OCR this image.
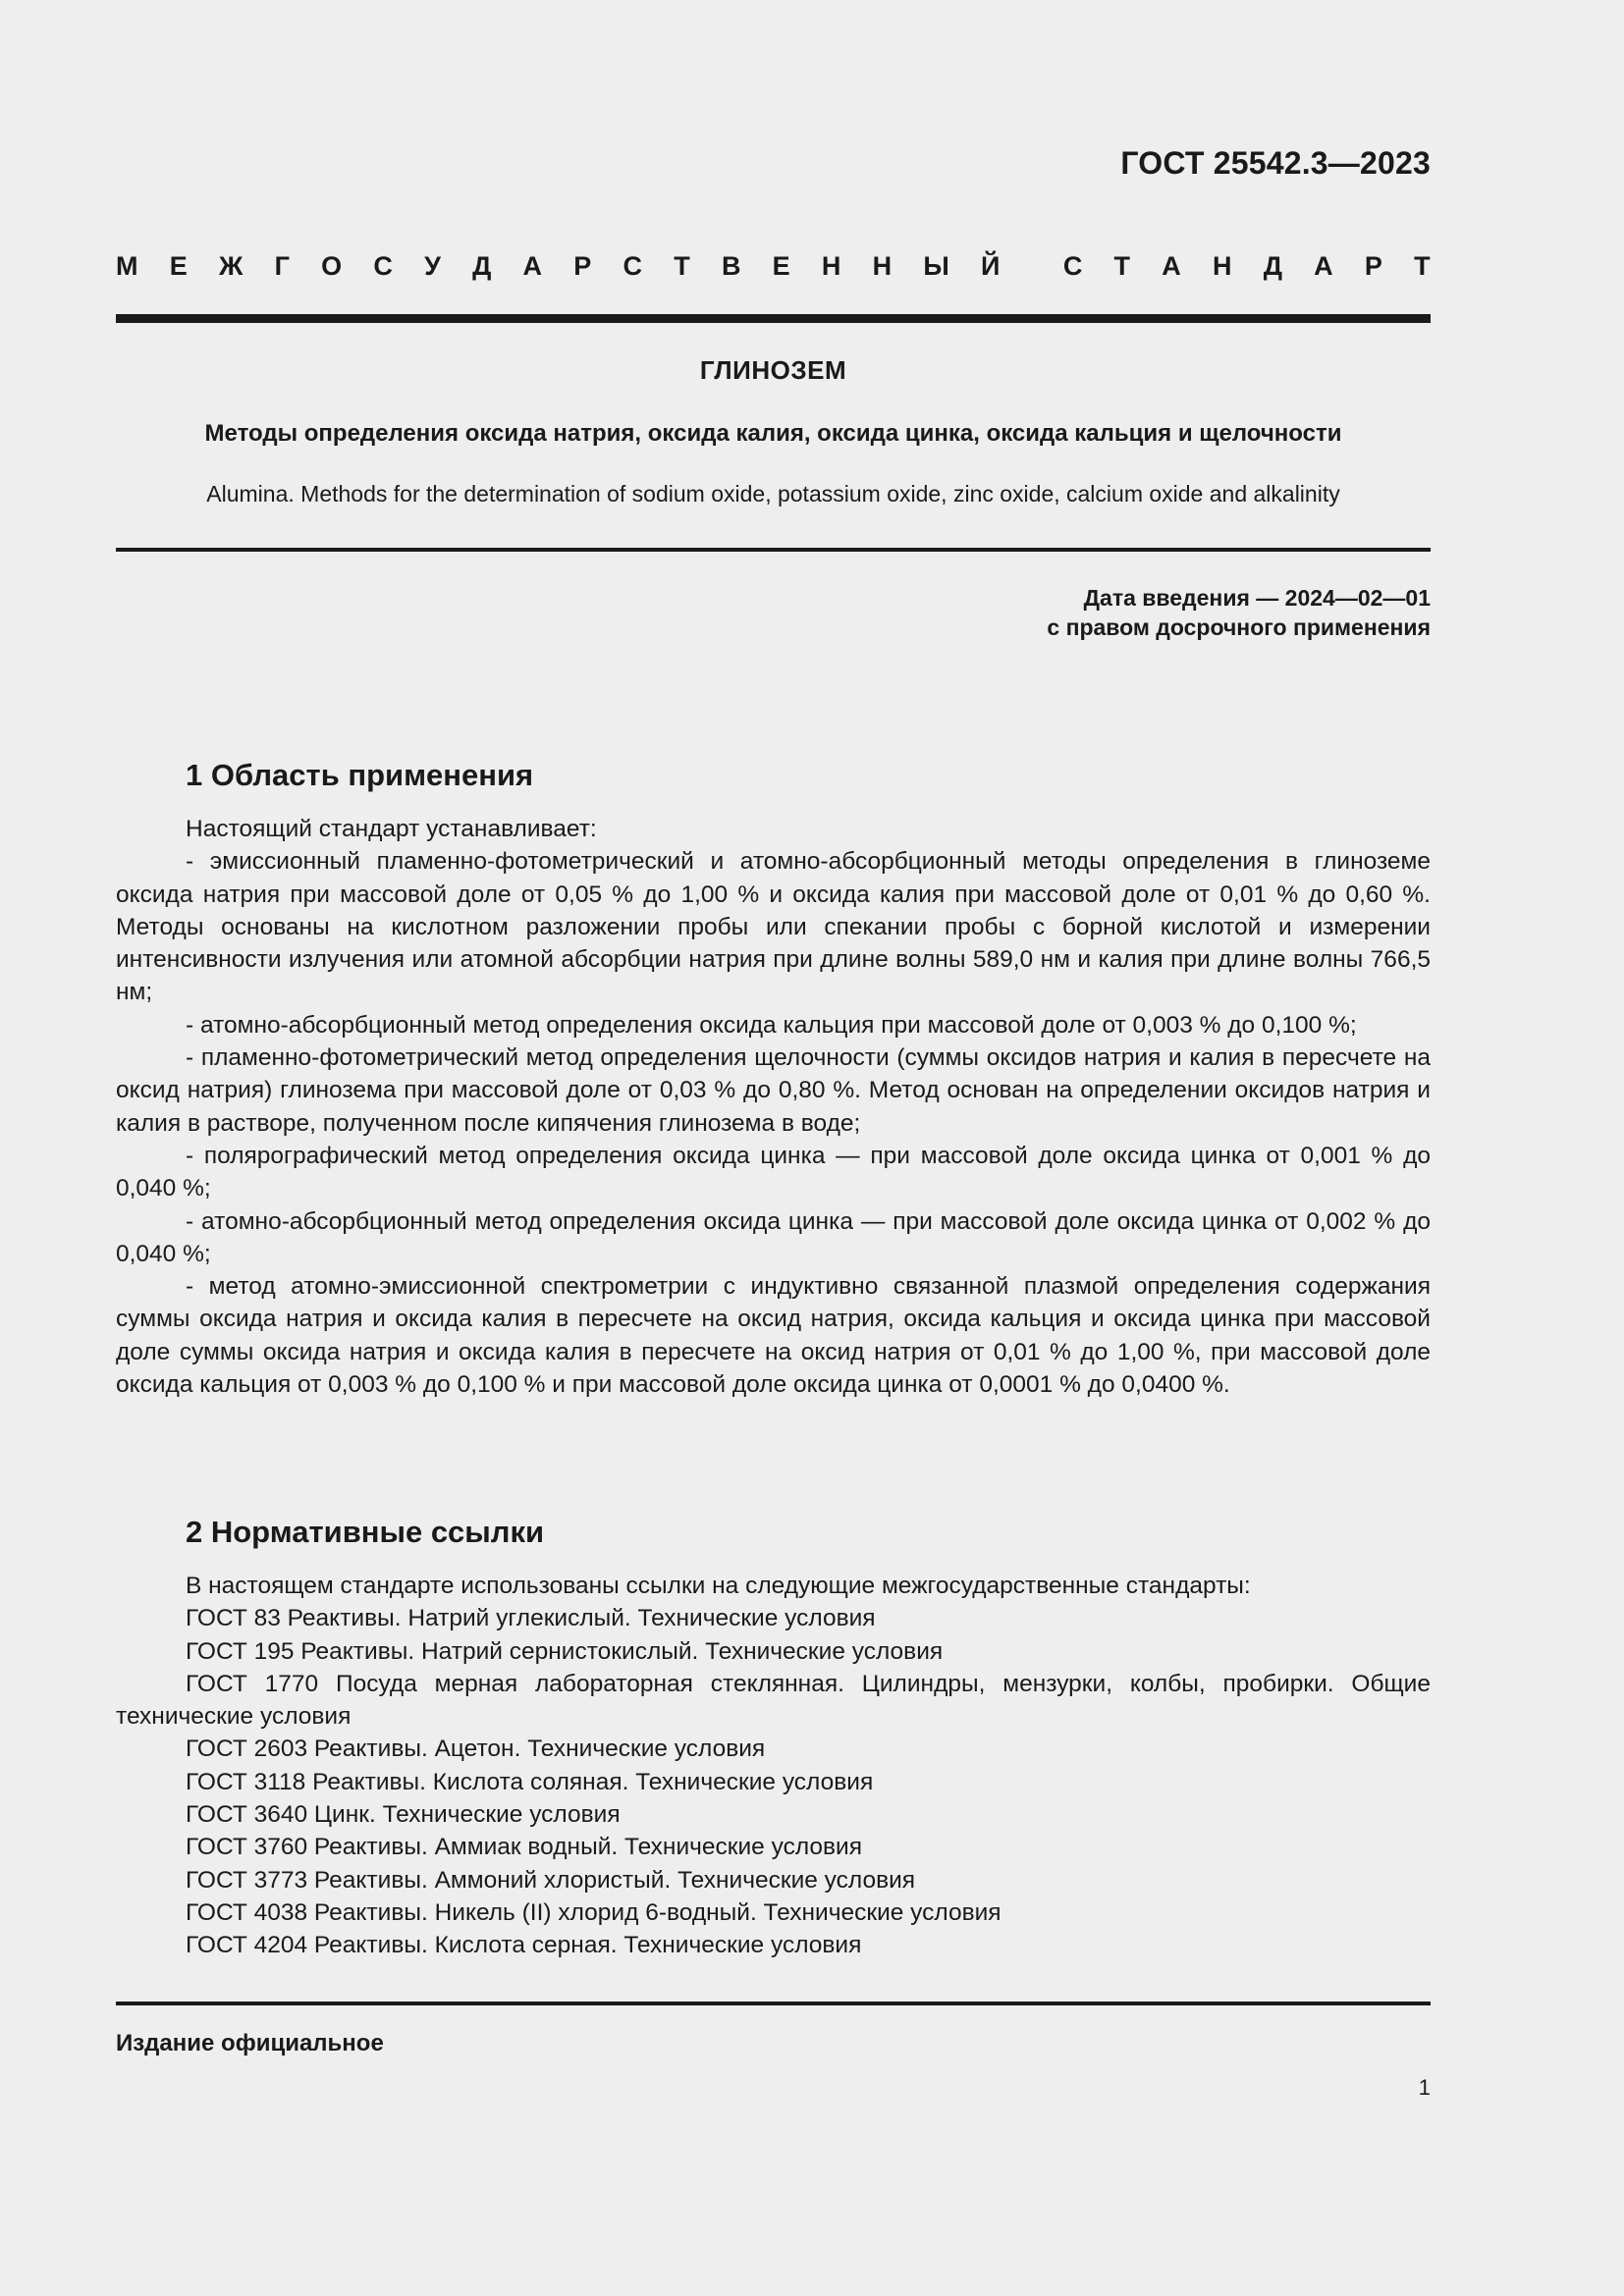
ГОСТ 25542.3—2023
М Е Ж Г О С У Д А Р С Т В Е Н Н Ы Й С Т А Н Д А Р Т
ГЛИНОЗЕМ
Методы определения оксида натрия, оксида калия, оксида цинка, оксида кальция и щелочности
Alumina. Methods for the determination of sodium oxide, potassium oxide, zinc oxide, calcium oxide and alkalinity
Дата введения — 2024—02—01
с правом досрочного применения
1 Область применения

Настоящий стандарт устанавливает:

- эмиссионный пламенно-фотометрический и атомно-абсорбционный методы определения в глиноземе оксида натрия при массовой доле от 0,05 % до 1,00 % и оксида калия при массовой доле от 0,01 % до 0,60 %. Методы основаны на кислотном разложении пробы или спекании пробы с борной кислотой и измерении интенсивности излучения или атомной абсорбции натрия при длине волны 589,0 нм и калия при длине волны 766,5 нм;

- атомно-абсорбционный метод определения оксида кальция при массовой доле от 0,003 % до 0,100 %;

- пламенно-фотометрический метод определения щелочности (суммы оксидов натрия и калия в пересчете на оксид натрия) глинозема при массовой доле от 0,03 % до 0,80 %. Метод основан на определении оксидов натрия и калия в растворе, полученном после кипячения глинозема в воде;

- полярографический метод определения оксида цинка — при массовой доле оксида цинка от 0,001 % до 0,040 %;

- атомно-абсорбционный метод определения оксида цинка — при массовой доле оксида цинка от 0,002 % до 0,040 %;

- метод атомно-эмиссионной спектрометрии с индуктивно связанной плазмой определения содержания суммы оксида натрия и оксида калия в пересчете на оксид натрия, оксида кальция и оксида цинка при массовой доле суммы оксида натрия и оксида калия в пересчете на оксид натрия от 0,01 % до 1,00 %, при массовой доле оксида кальция от 0,003 % до 0,100 % и при массовой доле оксида цинка от 0,0001 % до 0,0400 %.

2 Нормативные ссылки

В настоящем стандарте использованы ссылки на следующие межгосударственные стандарты:

ГОСТ 83 Реактивы. Натрий углекислый. Технические условия

ГОСТ 195 Реактивы. Натрий сернистокислый. Технические условия

ГОСТ 1770 Посуда мерная лабораторная стеклянная. Цилиндры, мензурки, колбы, пробирки. Общие технические условия

ГОСТ 2603 Реактивы. Ацетон. Технические условия

ГОСТ 3118 Реактивы. Кислота соляная. Технические условия

ГОСТ 3640 Цинк. Технические условия

ГОСТ 3760 Реактивы. Аммиак водный. Технические условия

ГОСТ 3773 Реактивы. Аммоний хлористый. Технические условия

ГОСТ 4038 Реактивы. Никель (II) хлорид 6-водный. Технические условия

ГОСТ 4204 Реактивы. Кислота серная. Технические условия

Издание официальное
1
